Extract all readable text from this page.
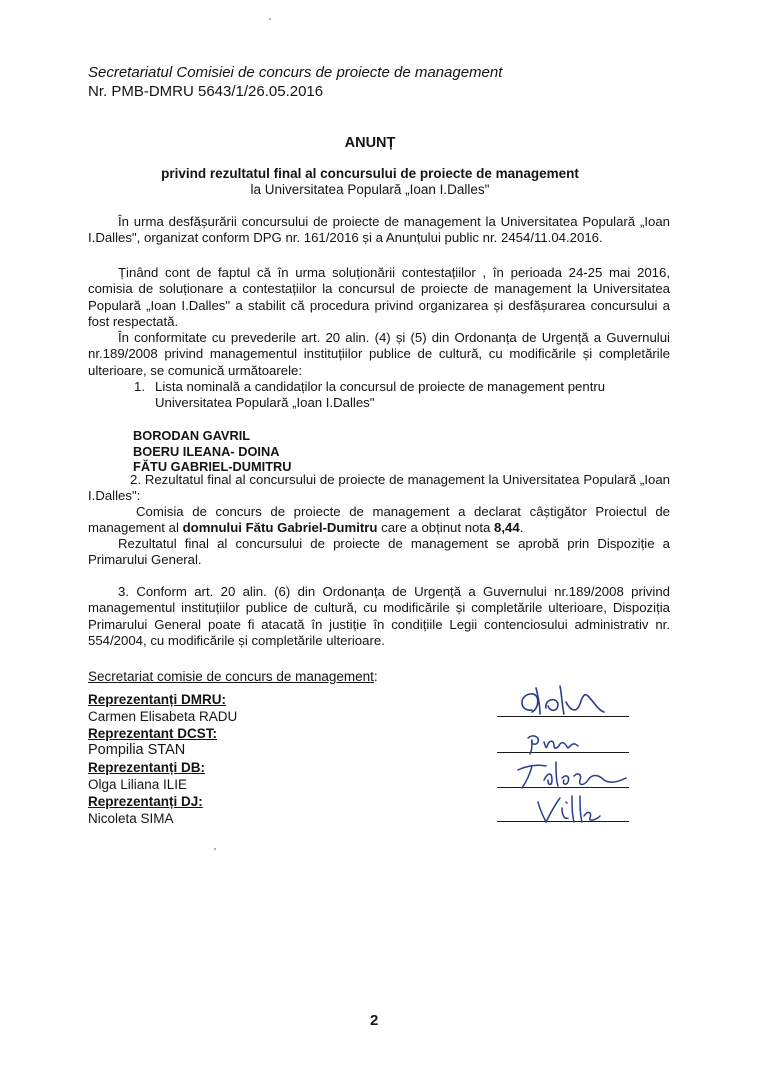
Secretariatul Comisiei de concurs de proiecte de management
Nr. PMB-DMRU 5643/1/26.05.2016
ANUNȚ
privind rezultatul final al concursului de proiecte de management
la Universitatea Populară „Ioan I.Dalles"
În urma desfășurării concursului de proiecte de management la Universitatea Populară „Ioan I.Dalles", organizat conform DPG nr. 161/2016 și a Anunțului public nr. 2454/11.04.2016.
Ținând cont de faptul că în urma soluționării contestațiilor , în perioada 24-25 mai 2016, comisia de soluționare a contestațiilor la concursul de proiecte de management la Universitatea Populară „Ioan I.Dalles" a stabilit că procedura privind organizarea și desfășurarea concursului a fost respectată.
În conformitate cu prevederile art. 20 alin. (4) și (5) din Ordonanța de Urgență a Guvernului nr.189/2008 privind managementul instituțiilor publice de cultură, cu modificările și completările ulterioare, se comunică următoarele:
1. Lista nominală a candidaților la concursul de proiecte de management pentru Universitatea Populară „Ioan I.Dalles"
BORODAN GAVRIL
BOERU ILEANA- DOINA
FĂTU GABRIEL-DUMITRU
2. Rezultatul final al concursului de proiecte de management la Universitatea Populară „Ioan I.Dalles":
Comisia de concurs de proiecte de management a declarat câștigător Proiectul de management al domnului Fătu Gabriel-Dumitru care a obținut nota 8,44.
Rezultatul final al concursului de proiecte de management se aprobă prin Dispoziție a Primarului General.
3. Conform art. 20 alin. (6) din Ordonanța de Urgență a Guvernului nr.189/2008 privind managementul instituțiilor publice de cultură, cu modificările și completările ulterioare, Dispoziția Primarului General poate fi atacată în justiție în condițiile Legii contenciosului administrativ nr. 554/2004, cu modificările și completările ulterioare.
Secretariat comisie de concurs de management:
Reprezentanți DMRU:
Carmen Elisabeta RADU
Reprezentant DCST:
Pompilia STAN
Reprezentanți DB:
Olga Liliana ILIE
Reprezentanți DJ:
Nicoleta SIMA
2
